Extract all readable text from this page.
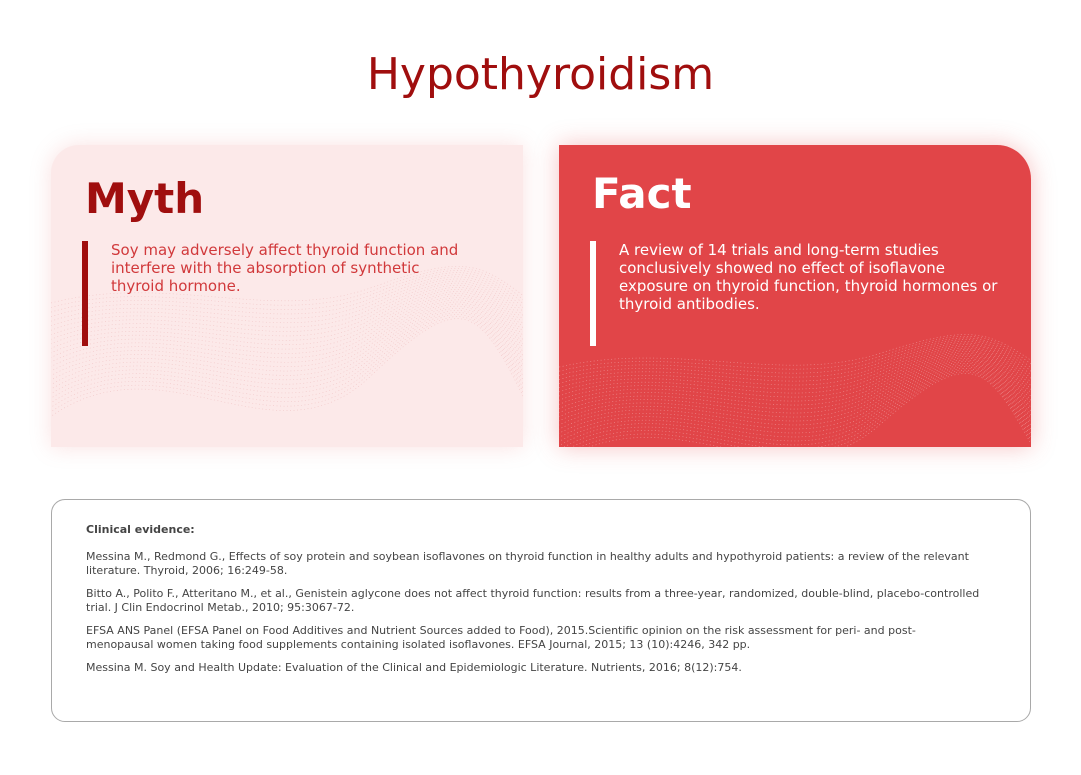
Hypothyroidism
Myth

Soy may adversely affect thyroid function and interfere with the absorption of synthetic thyroid hormone.

Fact

A review of 14 trials and long-term studies conclusively showed no effect of isoflavone exposure on thyroid function, thyroid hormones or thyroid antibodies.

Clinical evidence:
Messina M., Redmond G., Effects of soy protein and soybean isoflavones on thyroid function in healthy adults and hypothyroid patients: a review of the relevant literature. Thyroid, 2006; 16:249-58.
Bitto A., Polito F., Atteritano M., et al., Genistein aglycone does not affect thyroid function: results from a three-year, randomized, double-blind, placebo-controlled trial. J Clin Endocrinol Metab., 2010; 95:3067-72.
EFSA ANS Panel (EFSA Panel on Food Additives and Nutrient Sources added to Food), 2015.Scientific opinion on the risk assessment for peri- and post-menopausal women taking food supplements containing isolated isoflavones. EFSA Journal, 2015; 13 (10):4246, 342 pp.
Messina M. Soy and Health Update: Evaluation of the Clinical and Epidemiologic Literature. Nutrients, 2016; 8(12):754.
